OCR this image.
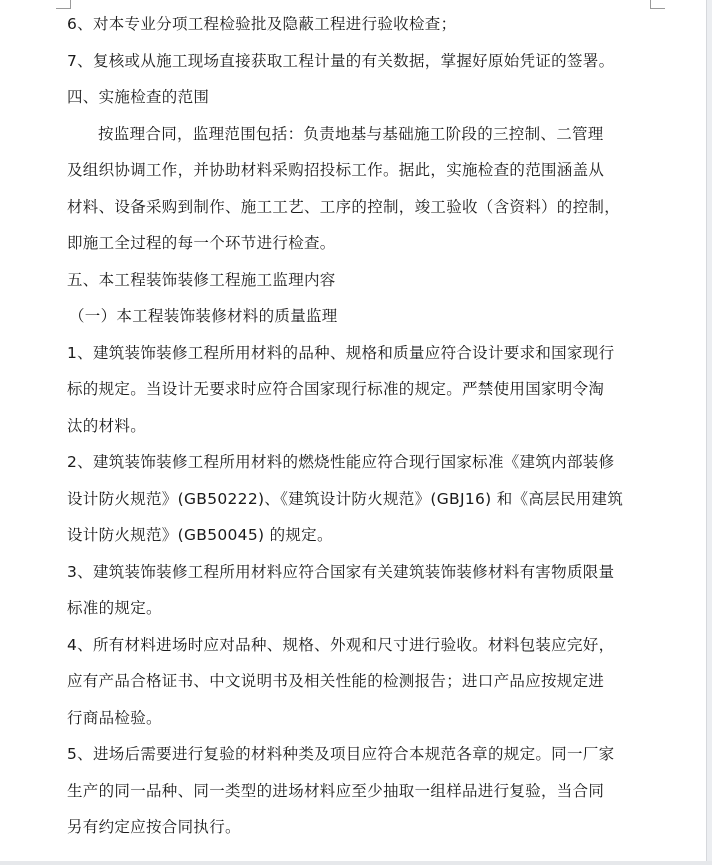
6、对本专业分项工程检验批及隐蔽工程进行验收检查；
7、复核或从施工现场直接获取工程计量的有关数据，掌握好原始凭证的签署。
四、实施检查的范围
按监理合同，监理范围包括：负责地基与基础施工阶段的三控制、二管理
及组织协调工作，并协助材料采购招投标工作。据此，实施检查的范围涵盖从
材料、设备采购到制作、施工工艺、工序的控制，竣工验收（含资料）的控制，
即施工全过程的每一个环节进行检查。
五、本工程装饰装修工程施工监理内容
（一）本工程装饰装修材料的质量监理
1、建筑装饰装修工程所用材料的品种、规格和质量应符合设计要求和国家现行
标的规定。当设计无要求时应符合国家现行标准的规定。严禁使用国家明令淘
汰的材料。
2、建筑装饰装修工程所用材料的燃烧性能应符合现行国家标准《建筑内部装修
设计防火规范》(GB50222)、《建筑设计防火规范》(GBJ16) 和《高层民用建筑
设计防火规范》(GB50045) 的规定。
3、建筑装饰装修工程所用材料应符合国家有关建筑装饰装修材料有害物质限量
标准的规定。
4、所有材料进场时应对品种、规格、外观和尺寸进行验收。材料包装应完好，
应有产品合格证书、中文说明书及相关性能的检测报告；进口产品应按规定进
行商品检验。
5、进场后需要进行复验的材料种类及项目应符合本规范各章的规定。同一厂家
生产的同一品种、同一类型的进场材料应至少抽取一组样品进行复验，当合同
另有约定应按合同执行。
